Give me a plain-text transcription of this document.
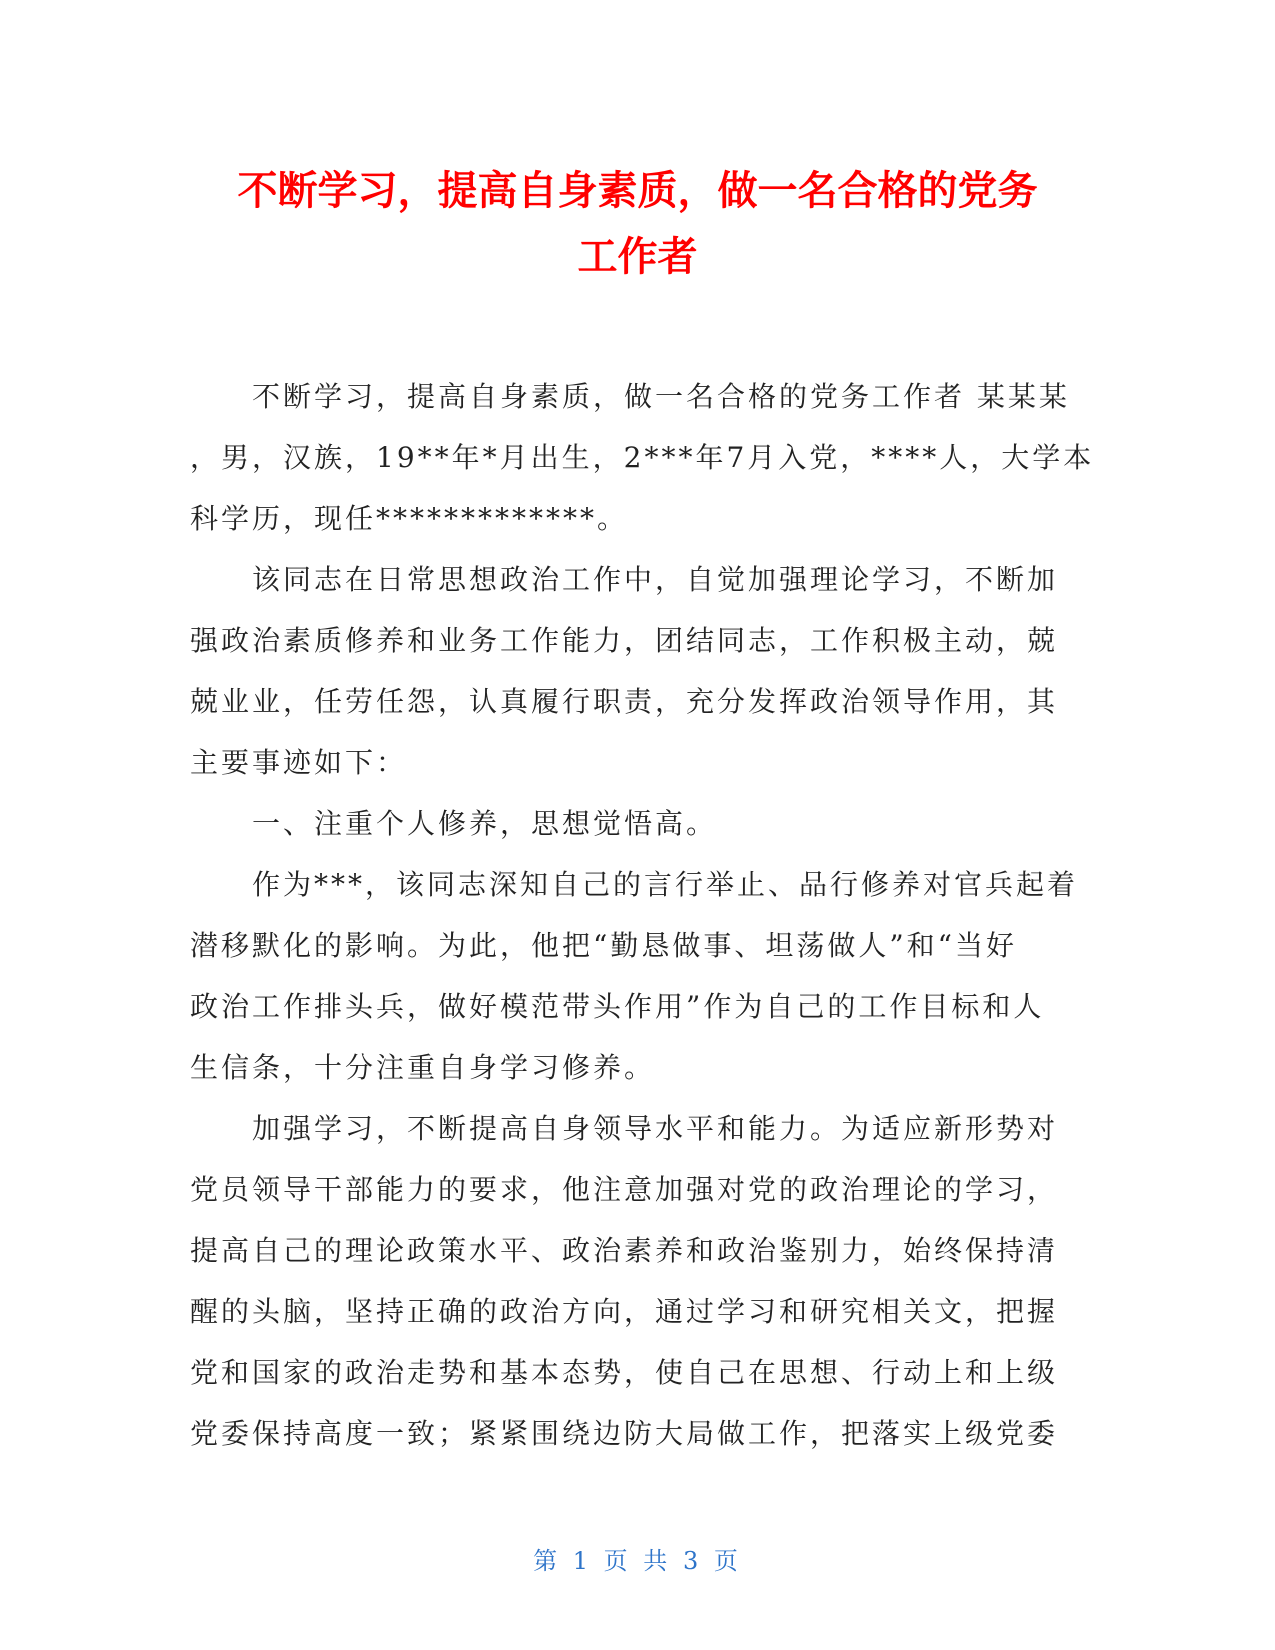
不断学习，提高自身素质，做一名合格的党务
工作者
不断学习，提高自身素质，做一名合格的党务工作者 某某某
，男，汉族，19**年*月出生，2***年7月入党，****人，大学本
科学历，现任*************。
该同志在日常思想政治工作中，自觉加强理论学习，不断加
强政治素质修养和业务工作能力，团结同志，工作积极主动，兢
兢业业，任劳任怨，认真履行职责，充分发挥政治领导作用，其
主要事迹如下：
一、注重个人修养，思想觉悟高。
作为***，该同志深知自己的言行举止、品行修养对官兵起着
潜移默化的影响。为此，他把“勤恳做事、坦荡做人”和“当好
政治工作排头兵，做好模范带头作用”作为自己的工作目标和人
生信条，十分注重自身学习修养。
加强学习，不断提高自身领导水平和能力。为适应新形势对
党员领导干部能力的要求，他注意加强对党的政治理论的学习，
提高自己的理论政策水平、政治素养和政治鉴别力，始终保持清
醒的头脑，坚持正确的政治方向，通过学习和研究相关文，把握
党和国家的政治走势和基本态势，使自己在思想、行动上和上级
党委保持高度一致；紧紧围绕边防大局做工作，把落实上级党委
第 1 页 共 3 页
